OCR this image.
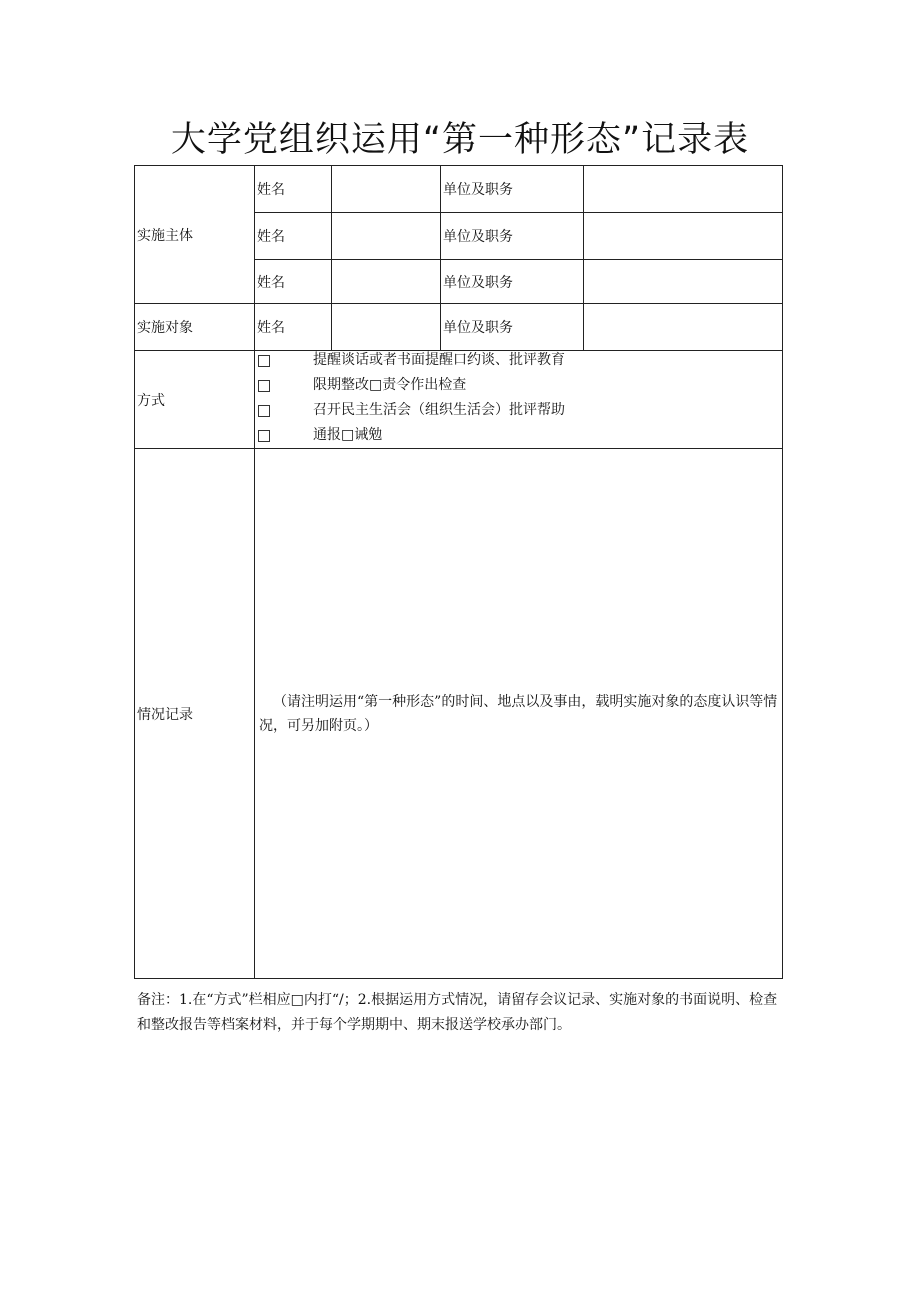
大学党组织运用“第一种形态”记录表
实施主体	姓名		单位及职务	
	姓名		单位及职务	
	姓名		单位及职务	
实施对象	姓名		单位及职务	
方式	提醒谈话或者书面提醒口约谈、批评教育
限期整改□责令作出检查
召开民主生活会（组织生活会）批评帮助
通报□诫勉			

情况记录	（请注明运用“第一种形态”的时间、地点以及事由，载明实施对象的态度认识等情况，可另加附页。）			
备注：1.在“方式”栏相应□内打“/；2.根据运用方式情况，请留存会议记录、实施对象的书面说明、检查和整改报告等档案材料，并于每个学期期中、期末报送学校承办部门。
